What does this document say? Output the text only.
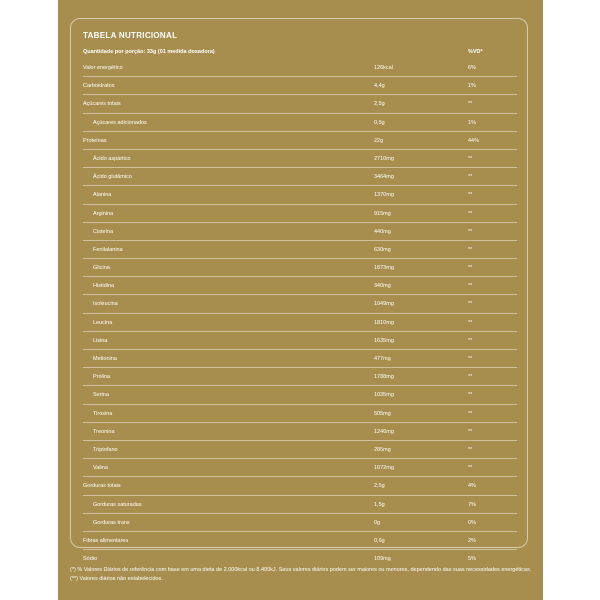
TABELA NUTRICIONAL
Quantidade por porção: 33g (01 medida dosadora)	%VD*
Valor energético	126kcal	6%
Carboidratos	4,4g	1%
Açúcares totais	2,5g	**
Açúcares adicionados	0,5g	1%
Proteínas	22g	44%
Ácido aspártico	2710mg	**
Ácido glutâmico	3464mg	**
Alanina	1370mg	**
Arginina	915mg	**
Cisteína	440mg	**
Fenilalanina	630mg	**
Glicina	1873mg	**
Histidina	340mg	**
Isoleucina	1049mg	**
Leucina	1810mg	**
Lisina	1635mg	**
Metionina	477mg	**
Prolina	1788mg	**
Serina	1035mg	**
Tirosina	505mg	**
Treonina	1246mg	**
Triptofano	285mg	**
Valina	1072mg	**
Gorduras totais	2,5g	4%
Gorduras saturadas	1,5g	7%
Gorduras trans	0g	0%
Fibras alimentares	0,6g	2%
Sódio	109mg	5%
(*) % Valores Diários de referência com base em uma dieta de 2.000kcal ou 8.400kJ. Seus valores diários podem ser maiores ou menores, dependendo das suas necessidades energéticas. (**) Valores diários não estabelecidos.
